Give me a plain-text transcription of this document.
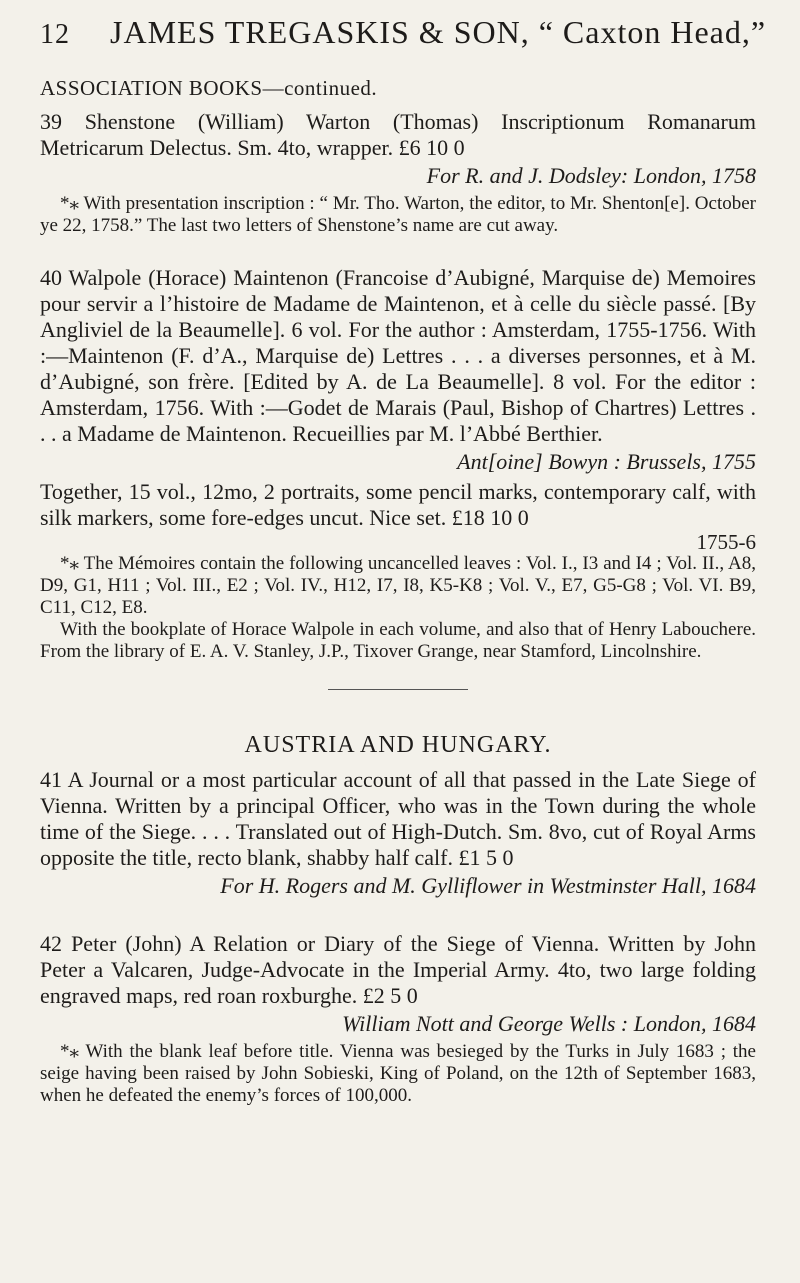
12 JAMES TREGASKIS & SON, “ Caxton Head,”

ASSOCIATION BOOKS—continued.

39 Shenstone (William) Warton (Thomas) Inscriptionum Romanarum Metricarum Delectus. Sm. 4to, wrapper. £6 10 0

For R. and J. Dodsley: London, 1758

*⁎ With presentation inscription : “ Mr. Tho. Warton, the editor, to Mr. Shenton[e]. October ye 22, 1758.” The last two letters of Shenstone’s name are cut away.

40 Walpole (Horace) Maintenon (Francoise d’Aubigné, Marquise de) Memoires pour servir a l’histoire de Madame de Maintenon, et à celle du siècle passé. [By Angliviel de la Beaumelle]. 6 vol. For the author : Amsterdam, 1755-1756. With :—Maintenon (F. d’A., Marquise de) Lettres . . . a diverses personnes, et à M. d’Aubigné, son frère. [Edited by A. de La Beaumelle]. 8 vol. For the editor : Amsterdam, 1756. With :—Godet de Marais (Paul, Bishop of Chartres) Lettres . . . a Madame de Maintenon. Recueillies par M. l’Abbé Berthier.

Ant[oine] Bowyn : Brussels, 1755

Together, 15 vol., 12mo, 2 portraits, some pencil marks, contemporary calf, with silk markers, some fore-edges uncut. Nice set. £18 10 0

1755-6

*⁎ The Mémoires contain the following uncancelled leaves : Vol. I., I3 and I4 ; Vol. II., A8, D9, G1, H11 ; Vol. III., E2 ; Vol. IV., H12, I7, I8, K5-K8 ; Vol. V., E7, G5-G8 ; Vol. VI. B9, C11, C12, E8.

With the bookplate of Horace Walpole in each volume, and also that of Henry Labouchere. From the library of E. A. V. Stanley, J.P., Tixover Grange, near Stamford, Lincolnshire.

AUSTRIA AND HUNGARY.

41 A Journal or a most particular account of all that passed in the Late Siege of Vienna. Written by a principal Officer, who was in the Town during the whole time of the Siege. . . . Translated out of High-Dutch. Sm. 8vo, cut of Royal Arms opposite the title, recto blank, shabby half calf. £1 5 0

For H. Rogers and M. Gylliflower in Westminster Hall, 1684

42 Peter (John) A Relation or Diary of the Siege of Vienna. Written by John Peter a Valcaren, Judge-Advocate in the Imperial Army. 4to, two large folding engraved maps, red roan roxburghe. £2 5 0

William Nott and George Wells : London, 1684

*⁎ With the blank leaf before title. Vienna was besieged by the Turks in July 1683 ; the seige having been raised by John Sobieski, King of Poland, on the 12th of September 1683, when he defeated the enemy’s forces of 100,000.
